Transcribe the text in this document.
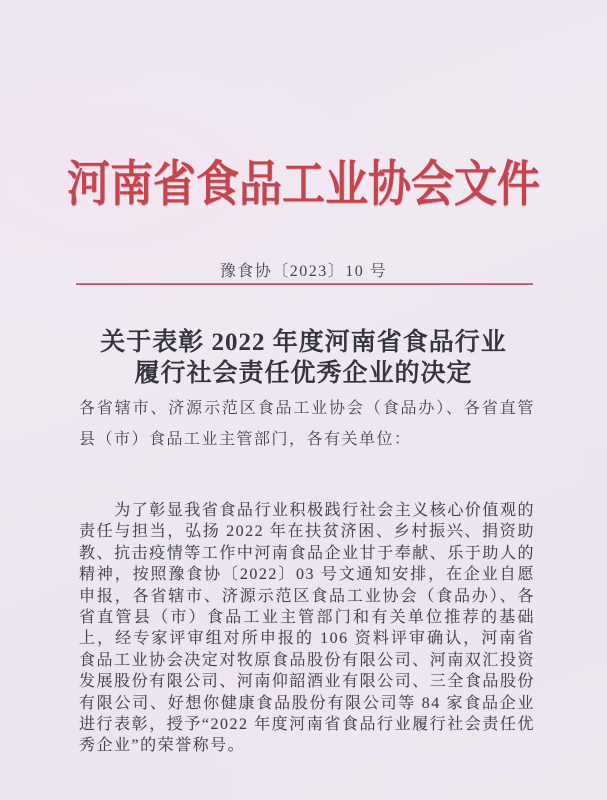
河南省食品工业协会文件
豫食协〔2023〕10 号
关于表彰 2022 年度河南省食品行业
履行社会责任优秀企业的决定

各省辖市、济源示范区食品工业协会（食品办）、各省直管县（市）食品工业主管部门，各有关单位：

为了彰显我省食品行业积极践行社会主义核心价值观的责任与担当，弘扬 2022 年在扶贫济困、乡村振兴、捐资助教、抗击疫情等工作中河南食品企业甘于奉献、乐于助人的精神，按照豫食协〔2022〕03 号文通知安排，在企业自愿申报，各省辖市、济源示范区食品工业协会（食品办）、各省直管县（市）食品工业主管部门和有关单位推荐的基础上，经专家评审组对所申报的 106 资料评审确认，河南省食品工业协会决定对牧原食品股份有限公司、河南双汇投资发展股份有限公司、河南仰韶酒业有限公司、三全食品股份有限公司、好想你健康食品股份有限公司等 84 家食品企业进行表彰，授予“2022 年度河南省食品行业履行社会责任优秀企业”的荣誉称号。
